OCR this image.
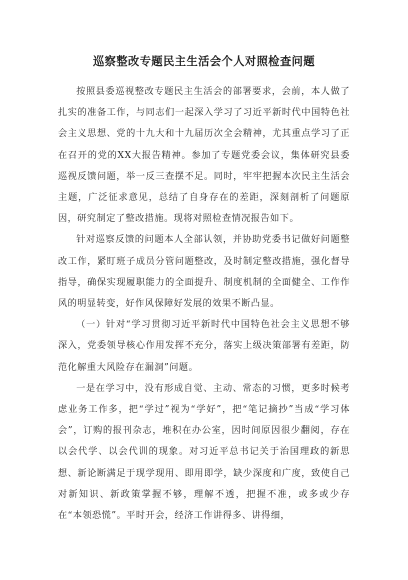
巡察整改专题民主生活会个人对照检查问题

按照县委巡视整改专题民主生活会的部署要求，会前，本人做了扎实的准备工作，与同志们一起深入学习了习近平新时代中国特色社会主义思想、党的十九大和十九届历次全会精神，尤其重点学习了正在召开的党的XX大报告精神。参加了专题党委会议，集体研究县委巡视反馈问题，举一反三查摆不足。同时，牢牢把握本次民主生活会主题，广泛征求意见，总结了自身存在的差距，深刻剖析了问题原因，研究制定了整改措施。现将对照检查情况报告如下。

针对巡察反馈的问题本人全部认领，并协助党委书记做好问题整改工作，紧盯班子成员分管问题整改，及时制定整改措施，强化督导指导，确保实现履职能力的全面提升、制度机制的全面健全、工作作风的明显转变，好作风保障好发展的效果不断凸显。

（一）针对“学习贯彻习近平新时代中国特色社会主义思想不够深入，党委领导核心作用发挥不充分，落实上级决策部署有差距，防范化解重大风险存在漏洞”问题。

一是在学习中，没有形成自觉、主动、常态的习惯，更多时候考虑业务工作多，把“学过”视为“学好”，把“笔记摘抄”当成“学习体会”，订购的报刊杂志，堆积在办公室，因时间原因很少翻阅，存在以会代学、以会代训的现象。对习近平总书记关于治国理政的新思想、新论断满足于现学现用、即用即学，缺少深度和广度，致使自己对新知识、新政策掌握不够，理解不透，把握不准，或多或少存在“本领恐慌”。平时开会，经济工作讲得多、讲得细，
